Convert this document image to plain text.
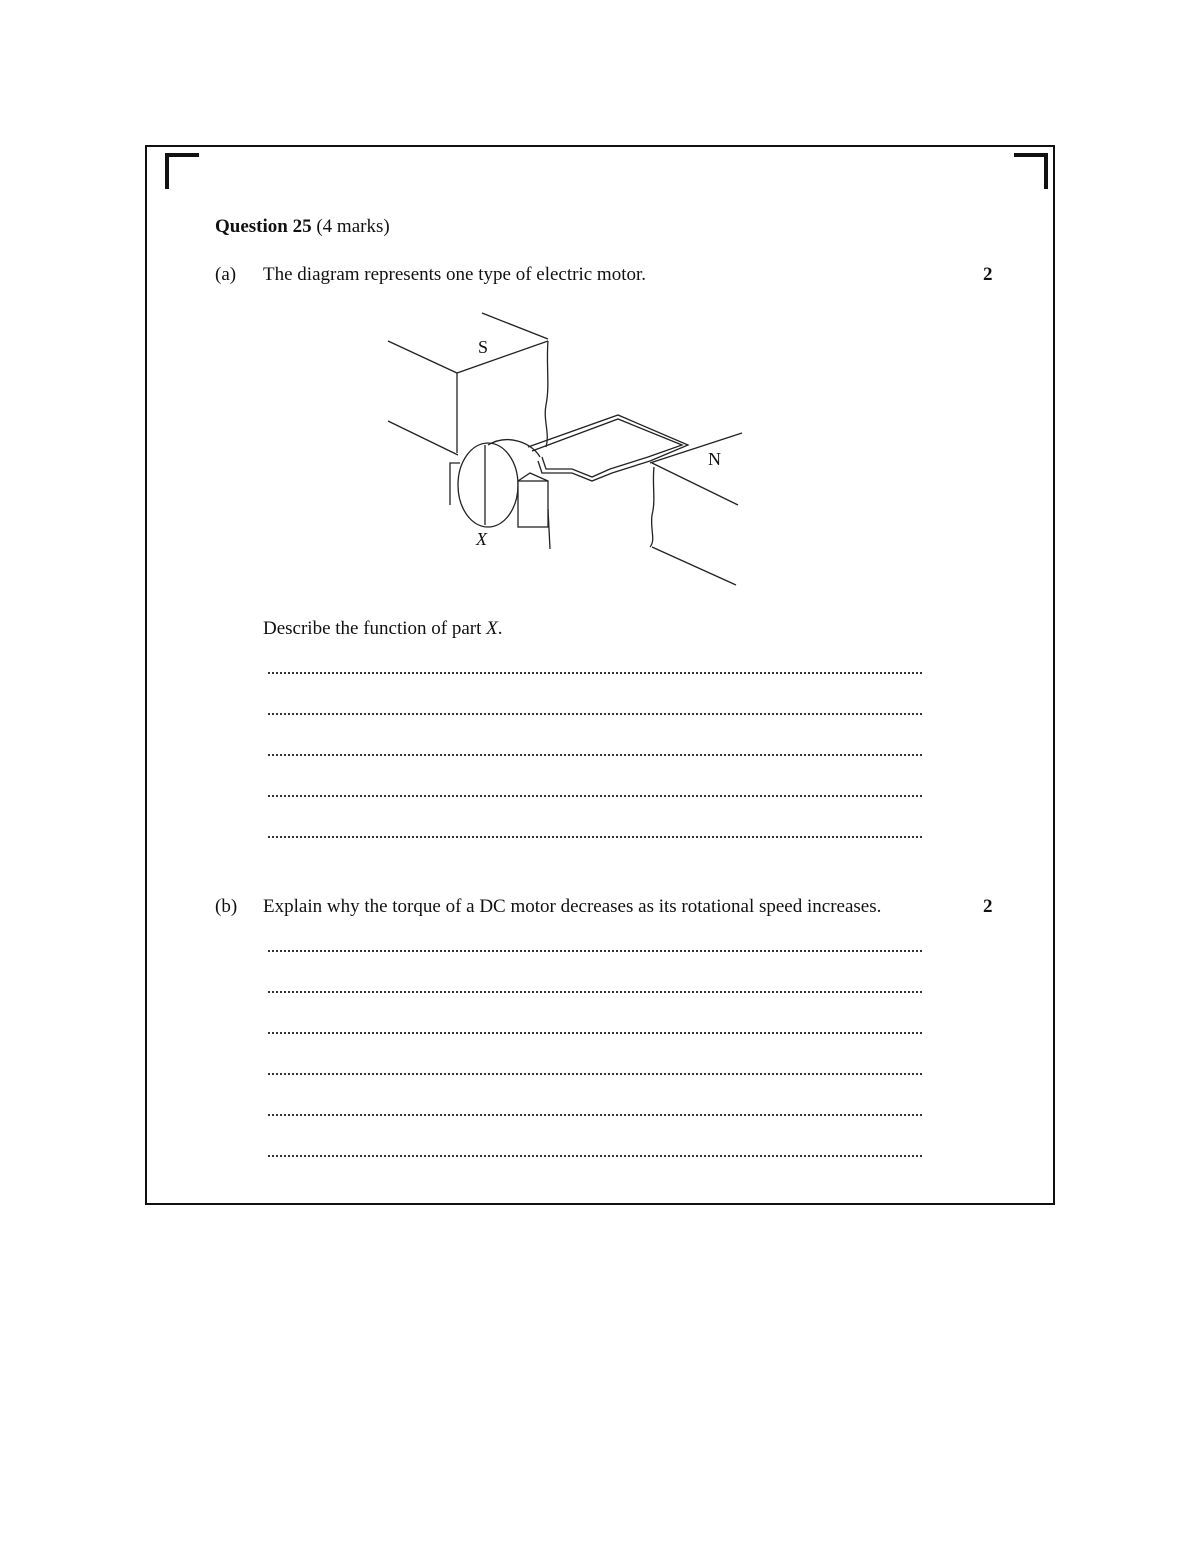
Question 25 (4 marks)
(a) The diagram represents one type of electric motor.	2
S
N
X
Describe the function of part X.
(b) Explain why the torque of a DC motor decreases as its rotational speed increases.	2
